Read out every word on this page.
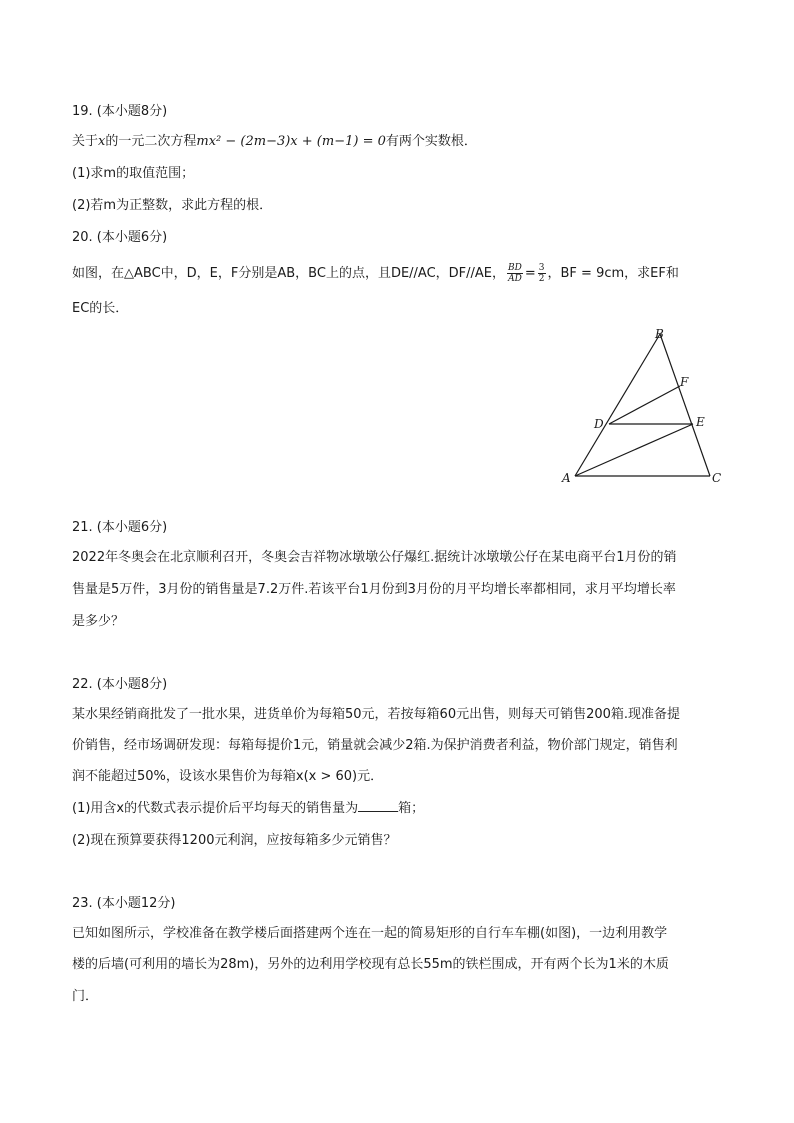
19. (本小题8分)
关于x的一元二次方程mx² − (2m−3)x + (m−1) = 0有两个实数根．
(1)求m的取值范围；
(2)若m为正整数，求此方程的根．
20. (本小题6分)
如图，在△ABC中，D，E，F分别是AB，BC上的点，且DE//AC，DF//AE， $\frac{BD}{AD} = \frac{3}{2}$ ，BF = 9cm，求EF和
EC的长．
B
F
D	E
A	C
21. (本小题6分)
2022年冬奥会在北京顺利召开，冬奥会吉祥物冰墩墩公仔爆红.据统计冰墩墩公仔在某电商平台1月份的销
售量是5万件，3月份的销售量是7.2万件.若该平台1月份到3月份的月平均增长率都相同，求月平均增长率
是多少？
22. (本小题8分)
某水果经销商批发了一批水果，进货单价为每箱50元，若按每箱60元出售，则每天可销售200箱.现准备提
价销售，经市场调研发现：每箱每提价1元，销量就会减少2箱.为保护消费者利益，物价部门规定，销售利
润不能超过50%，设该水果售价为每箱x(x > 60)元．
(1)用含x的代数式表示提价后平均每天的销售量为	箱；
(2)现在预算要获得1200元利润，应按每箱多少元销售？
23. (本小题12分)
已知如图所示，学校准备在教学楼后面搭建两个连在一起的简易矩形的自行车车棚(如图)，一边利用教学
楼的后墙(可利用的墙长为28m)，另外的边利用学校现有总长55m的铁栏围成，开有两个长为1米的木质
门．
